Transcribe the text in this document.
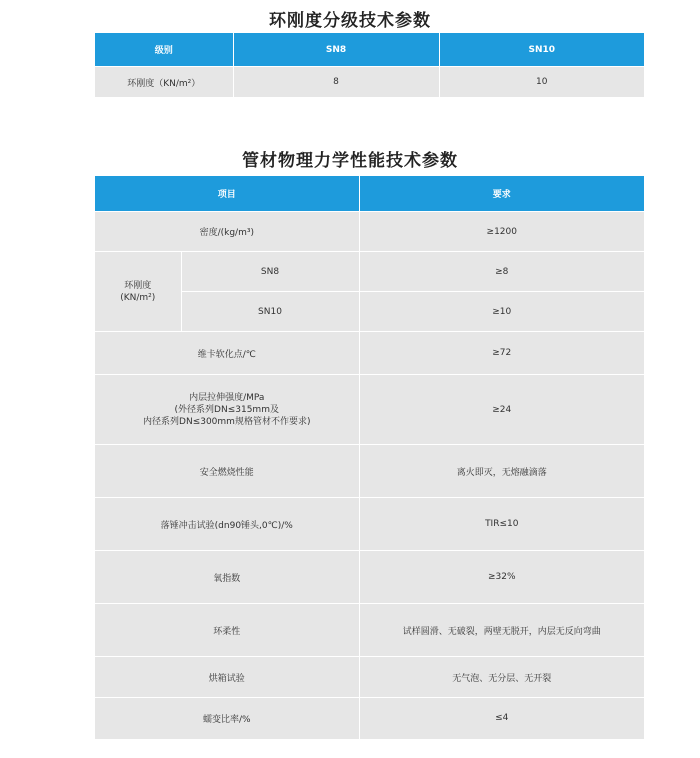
环刚度分级技术参数
级别	SN8	SN10
环刚度（KN/m²）	8	10
管材物理力学性能技术参数
项目		要求
密度/(kg/m³)		≥1200

环刚度
(KN/m²)	SN8	≥8
	SN10	≥10
维卡软化点/℃		≥72

内层拉伸强度/MPa
(外径系列DN≤315mm及
内径系列DN≤300mm规格管材不作要求)		≥24
安全燃烧性能		离火即灭，无熔融滴落
落锤冲击试验(dn90锤头,0℃)/%		TIR≤10
氧指数		≥32%
环柔性		试样圆滑、无破裂，两壁无脱开，内层无反向弯曲
烘箱试验		无气泡、无分层、无开裂
蠕变比率/%		≤4
